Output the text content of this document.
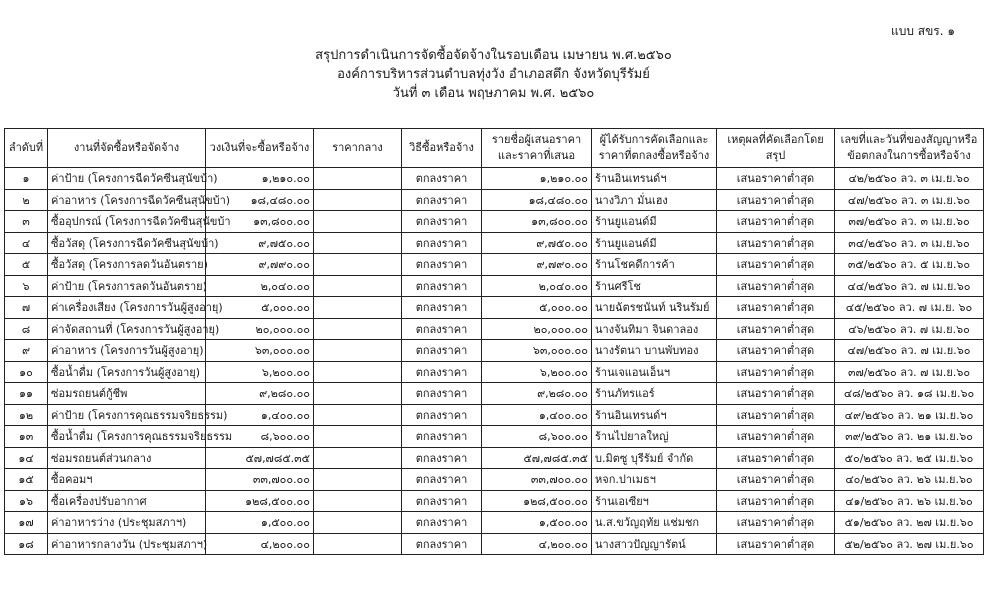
แบบ สขร. ๑
สรุปการดำเนินการจัดซื้อจัดจ้างในรอบเดือน เมษายน พ.ศ.๒๕๖๐
องค์การบริหารส่วนตำบลทุ่งวัง อำเภอสตึก จังหวัดบุรีรัมย์
วันที่ ๓ เดือน พฤษภาคม พ.ศ. ๒๕๖๐
ลำดับที่	งานที่จัดซื้อหรือจัดจ้าง	วงเงินที่จะซื้อหรือจ้าง	ราคากลาง	วิธีซื้อหรือจ้าง	รายชื่อผู้เสนอราคาและราคาที่เสนอ	ผู้ได้รับการคัดเลือกและราคาที่ตกลงซื้อหรือจ้าง	เหตุผลที่คัดเลือกโดยสรุป	เลขที่และวันที่ของสัญญาหรือข้อตกลงในการซื้อหรือจ้าง
๑	ค่าป้าย (โครงการฉีดวัคซีนสุนัขบ้า)	๑,๒๑๐.๐๐		ตกลงราคา	๑,๒๑๐.๐๐	ร้านอินเทรนด์ฯ	เสนอราคาต่ำสุด	๔๒/๒๕๖๐ ลว. ๓ เม.ย.๖๐
๒	ค่าอาหาร (โครงการฉีดวัคซีนสุนัขบ้า)	๑๘,๔๘๐.๐๐		ตกลงราคา	๑๘,๔๘๐.๐๐	นางวิภา มั่นเฮง	เสนอราคาต่ำสุด	๔๗/๒๕๖๐ ลว. ๓ เม.ย.๖๐
๓	ซื้ออุปกรณ์ (โครงการฉีดวัคซีนสุนัขบ้า	๑๓,๘๐๐.๐๐		ตกลงราคา	๑๓,๘๐๐.๐๐	ร้านยูแอนด์มี	เสนอราคาต่ำสุด	๓๗/๒๕๖๐ ลว. ๓ เม.ย.๖๐
๔	ซื้อวัสดุ (โครงการฉีดวัคซีนสุนัขบ้า)	๙,๗๕๐.๐๐		ตกลงราคา	๙,๗๕๐.๐๐	ร้านยูแอนด์มี	เสนอราคาต่ำสุด	๓๔/๒๕๖๐ ลว. ๓ เม.ย.๖๐
๕	ซื้อวัสดุ (โครงการลดวันอันตราย)	๙,๗๙๐.๐๐		ตกลงราคา	๙,๗๙๐.๐๐	ร้านโชคดีการค้า	เสนอราคาต่ำสุด	๓๕/๒๕๖๐ ลว. ๕ เม.ย.๖๐
๖	ค่าป้าย (โครงการลดวันอันตราย)	๒,๐๔๐.๐๐		ตกลงราคา	๒,๐๔๐.๐๐	ร้านศรีโช	เสนอราคาต่ำสุด	๔๔/๒๕๖๐ ลว. ๗ เม.ย.๖๐
๗	ค่าเครื่องเสียง (โครงการวันผู้สูงอายุ)	๕,๐๐๐.๐๐		ตกลงราคา	๕,๐๐๐.๐๐	นายฉัตรชนันท์ นรินรัมย์	เสนอราคาต่ำสุด	๔๕/๒๕๖๐ ลว. ๗ เม.ย. ๖๐
๘	ค่าจัดสถานที่ (โครงการวันผู้สูงอายุ)	๒๐,๐๐๐.๐๐		ตกลงราคา	๒๐,๐๐๐.๐๐	นางจันทิมา จินดาลอง	เสนอราคาต่ำสุด	๔๖/๒๕๖๐ ลว. ๗ เม.ย.๖๐
๙	ค่าอาหาร (โครงการวันผู้สูงอายุ)	๖๓,๐๐๐.๐๐		ตกลงราคา	๖๓,๐๐๐.๐๐	นางรัตนา บานพับทอง	เสนอราคาต่ำสุด	๔๗/๒๕๖๐ ลว. ๗ เม.ย.๖๐
๑๐	ซื้อน้ำดื่ม (โครงการวันผู้สูงอายุ)	๖,๒๐๐.๐๐		ตกลงราคา	๖,๒๐๐.๐๐	ร้านเจแอนเอ็นฯ	เสนอราคาต่ำสุด	๓๗/๒๕๖๐ ลว. ๗ เม.ย.๖๐
๑๑	ซ่อมรถยนต์กู้ชีพ	๙,๒๘๐.๐๐		ตกลงราคา	๙,๒๘๐.๐๐	ร้านภัทรแอร์	เสนอราคาต่ำสุด	๔๘/๒๕๖๐ ลว. ๑๘ เม.ย.๖๐
๑๒	ค่าป้าย (โครงการคุณธรรมจริยธรรม)	๑,๔๐๐.๐๐		ตกลงราคา	๑,๔๐๐.๐๐	ร้านอินเทรนด์ฯ	เสนอราคาต่ำสุด	๔๙/๒๕๖๐ ลว. ๒๑ เม.ย.๖๐
๑๓	ซื้อน้ำดื่ม (โครงการคุณธรรมจริยธรรม	๘,๖๐๐.๐๐		ตกลงราคา	๘,๖๐๐.๐๐	ร้านไปยาลใหญ่	เสนอราคาต่ำสุด	๓๙/๒๕๖๐ ลว. ๒๑ เม.ย.๖๐
๑๔	ซ่อมรถยนต์ส่วนกลาง	๕๗,๗๘๕.๓๕		ตกลงราคา	๕๗,๗๘๕.๓๕	บ.มิตซู บุรีรัมย์ จำกัด	เสนอราคาต่ำสุด	๕๐/๒๕๖๐ ลว. ๒๕ เม.ย.๖๐
๑๕	ซื้อคอมฯ	๓๓,๗๐๐.๐๐		ตกลงราคา	๓๓,๗๐๐.๐๐	หจก.ปาเมธฯ	เสนอราคาต่ำสุด	๔๐/๒๕๖๐ ลว. ๒๖ เม.ย.๖๐
๑๖	ซื้อเครื่องปรับอากาศ	๑๒๘,๕๐๐.๐๐		ตกลงราคา	๑๒๘,๕๐๐.๐๐	ร้านเอเซียฯ	เสนอราคาต่ำสุด	๔๑/๒๕๖๐ ลว. ๒๖ เม.ย.๖๐
๑๗	ค่าอาหารว่าง (ประชุมสภาฯ)	๑,๕๐๐.๐๐		ตกลงราคา	๑,๕๐๐.๐๐	น.ส.ขวัญฤทัย แช่มชก	เสนอราคาต่ำสุด	๕๑/๒๕๖๐ ลว. ๒๗ เม.ย.๖๐
๑๘	ค่าอาหารกลางวัน (ประชุมสภาฯ)	๔,๒๐๐.๐๐		ตกลงราคา	๔,๒๐๐.๐๐	นางสาวปัญญารัตน์	เสนอราคาต่ำสุด	๕๒/๒๕๖๐ ลว. ๒๗ เม.ย.๖๐
